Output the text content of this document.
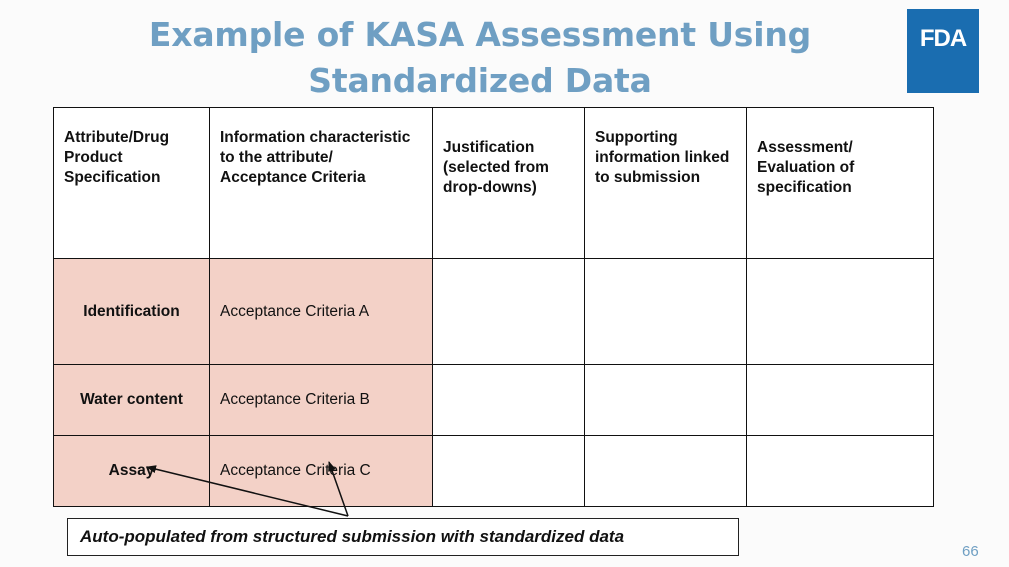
Example of KASA Assessment Using
Standardized Data
FDA
Attribute/Drug Product Specification	Information characteristic to the attribute/ Acceptance Criteria	Justification (selected from drop-downs)	Supporting information linked to submission	Assessment/ Evaluation of specification
Identification	Acceptance Criteria A			
Water content	Acceptance Criteria B			
Assay	Acceptance Criteria C			
Auto-populated from structured submission with standardized data
66
